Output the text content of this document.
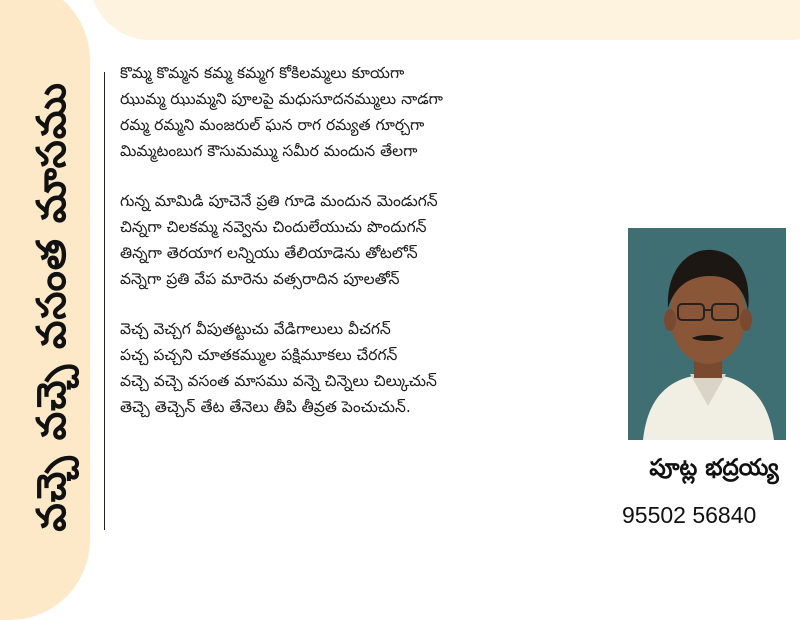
వచ్చె వచ్చె వసంత మాసము
కొమ్మ కొమ్మన కమ్మ కమ్మగ కోకిలమ్మలు కూయగా
ఝుమ్మ ఝుమ్మని పూలపై మధుసూదనమ్ములు నాడగా
రమ్మ రమ్మని మంజరుల్ ఘన రాగ రమ్యత గూర్చగా
మిమ్మటంబుగ కౌసుమమ్ము సమీర మందున తేలగా
గున్న మామిడి పూచెనే ప్రతి గూడె మందున మెండుగన్
చిన్నగా చిలకమ్మ నవ్వెను చిందులేయుచు పొందుగన్
తిన్నగా తెరయాగ లన్నియు తేలియాడెను తోటలోన్
వన్నెగా ప్రతి వేప మారెను వత్సరాదిన పూలతోన్
వెచ్చ వెచ్చగ వీపుతట్టుచు వేడిగాలులు వీచగన్
పచ్చ పచ్చని చూతకమ్ముల పక్షిమూకలు చేరగన్
వచ్చె వచ్చె వసంత మాసము వన్నె చిన్నెలు చిల్కుచున్
తెచ్చె తెచ్చెన్ తేట తేనెలు తీపి తీవ్రత పెంచుచున్.
పూట్ల భద్రయ్య
95502 56840
